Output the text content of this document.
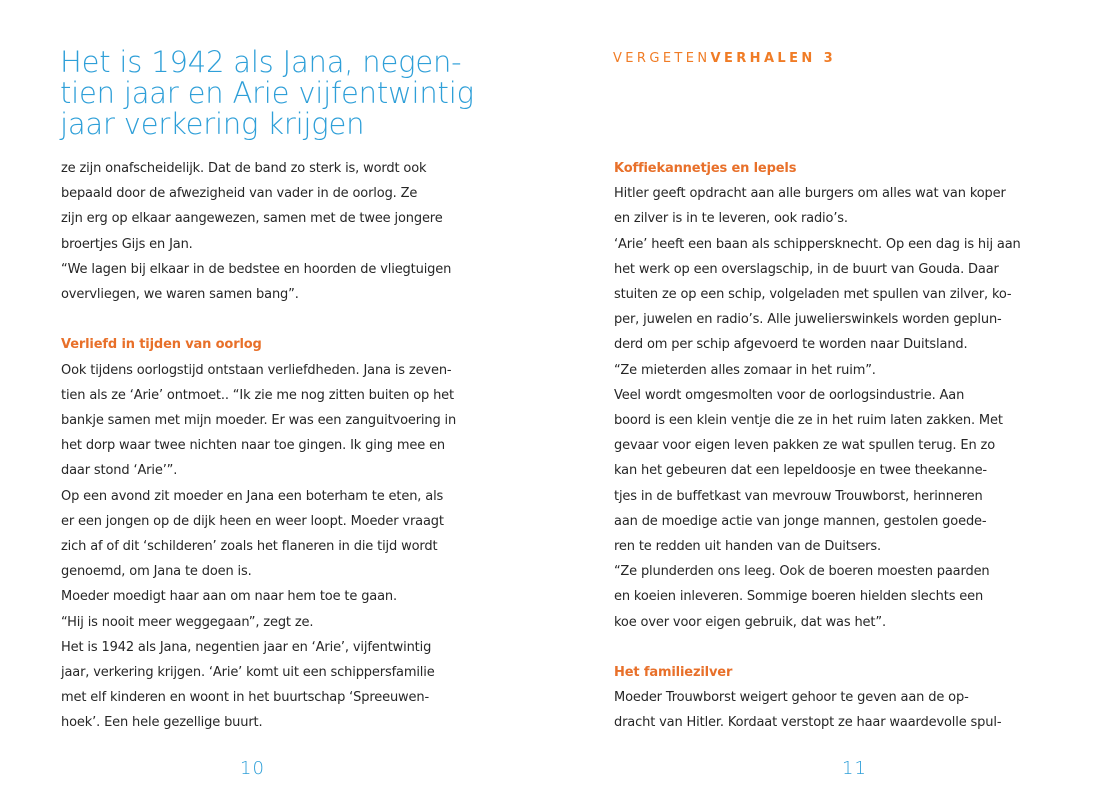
Het is 1942 als Jana, negen-
tien jaar en Arie vijfentwintig
jaar verkering krijgen
ze zijn onafscheidelijk. Dat de band zo sterk is, wordt ook
bepaald door de afwezigheid van vader in de oorlog. Ze
zijn erg op elkaar aangewezen, samen met de twee jongere
broertjes Gijs en Jan.
“We lagen bij elkaar in de bedstee en hoorden de vliegtuigen
overvliegen, we waren samen bang”.
Verliefd in tijden van oorlog
Ook tijdens oorlogstijd ontstaan verliefdheden. Jana is zeven-
tien als ze ‘Arie’ ontmoet.. “Ik zie me nog zitten buiten op het
bankje samen met mijn moeder. Er was een zanguitvoering in
het dorp waar twee nichten naar toe gingen. Ik ging mee en
daar stond ‘Arie’”.
Op een avond zit moeder en Jana een boterham te eten, als
er een jongen op de dijk heen en weer loopt. Moeder vraagt
zich af of dit ‘schilderen’ zoals het flaneren in die tijd wordt
genoemd, om Jana te doen is.
Moeder moedigt haar aan om naar hem toe te gaan.
“Hij is nooit meer weggegaan”, zegt ze.
Het is 1942 als Jana, negentien jaar en ‘Arie’, vijfentwintig
jaar, verkering krijgen. ‘Arie’ komt uit een schippersfamilie
met elf kinderen en woont in het buurtschap ‘Spreeuwen-
hoek’. Een hele gezellige buurt.
10
VERGETENVERHALEN 3
Koffiekannetjes en lepels
Hitler geeft opdracht aan alle burgers om alles wat van koper
en zilver is in te leveren, ook radio’s.
‘Arie’ heeft een baan als schippersknecht. Op een dag is hij aan
het werk op een overslagschip, in de buurt van Gouda. Daar
stuiten ze op een schip, volgeladen met spullen van zilver, ko-
per, juwelen en radio’s. Alle juwelierswinkels worden geplun-
derd om per schip afgevoerd te worden naar Duitsland.
“Ze mieterden alles zomaar in het ruim”.
Veel wordt omgesmolten voor de oorlogsindustrie. Aan
boord is een klein ventje die ze in het ruim laten zakken. Met
gevaar voor eigen leven pakken ze wat spullen terug. En zo
kan het gebeuren dat een lepeldoosje en twee theekanne-
tjes in de buffetkast van mevrouw Trouwborst, herinneren
aan de moedige actie van jonge mannen, gestolen goede-
ren te redden uit handen van de Duitsers.
“Ze plunderden ons leeg. Ook de boeren moesten paarden
en koeien inleveren. Sommige boeren hielden slechts een
koe over voor eigen gebruik, dat was het”.
Het familiezilver
Moeder Trouwborst weigert gehoor te geven aan de op-
dracht van Hitler. Kordaat verstopt ze haar waardevolle spul-
11
